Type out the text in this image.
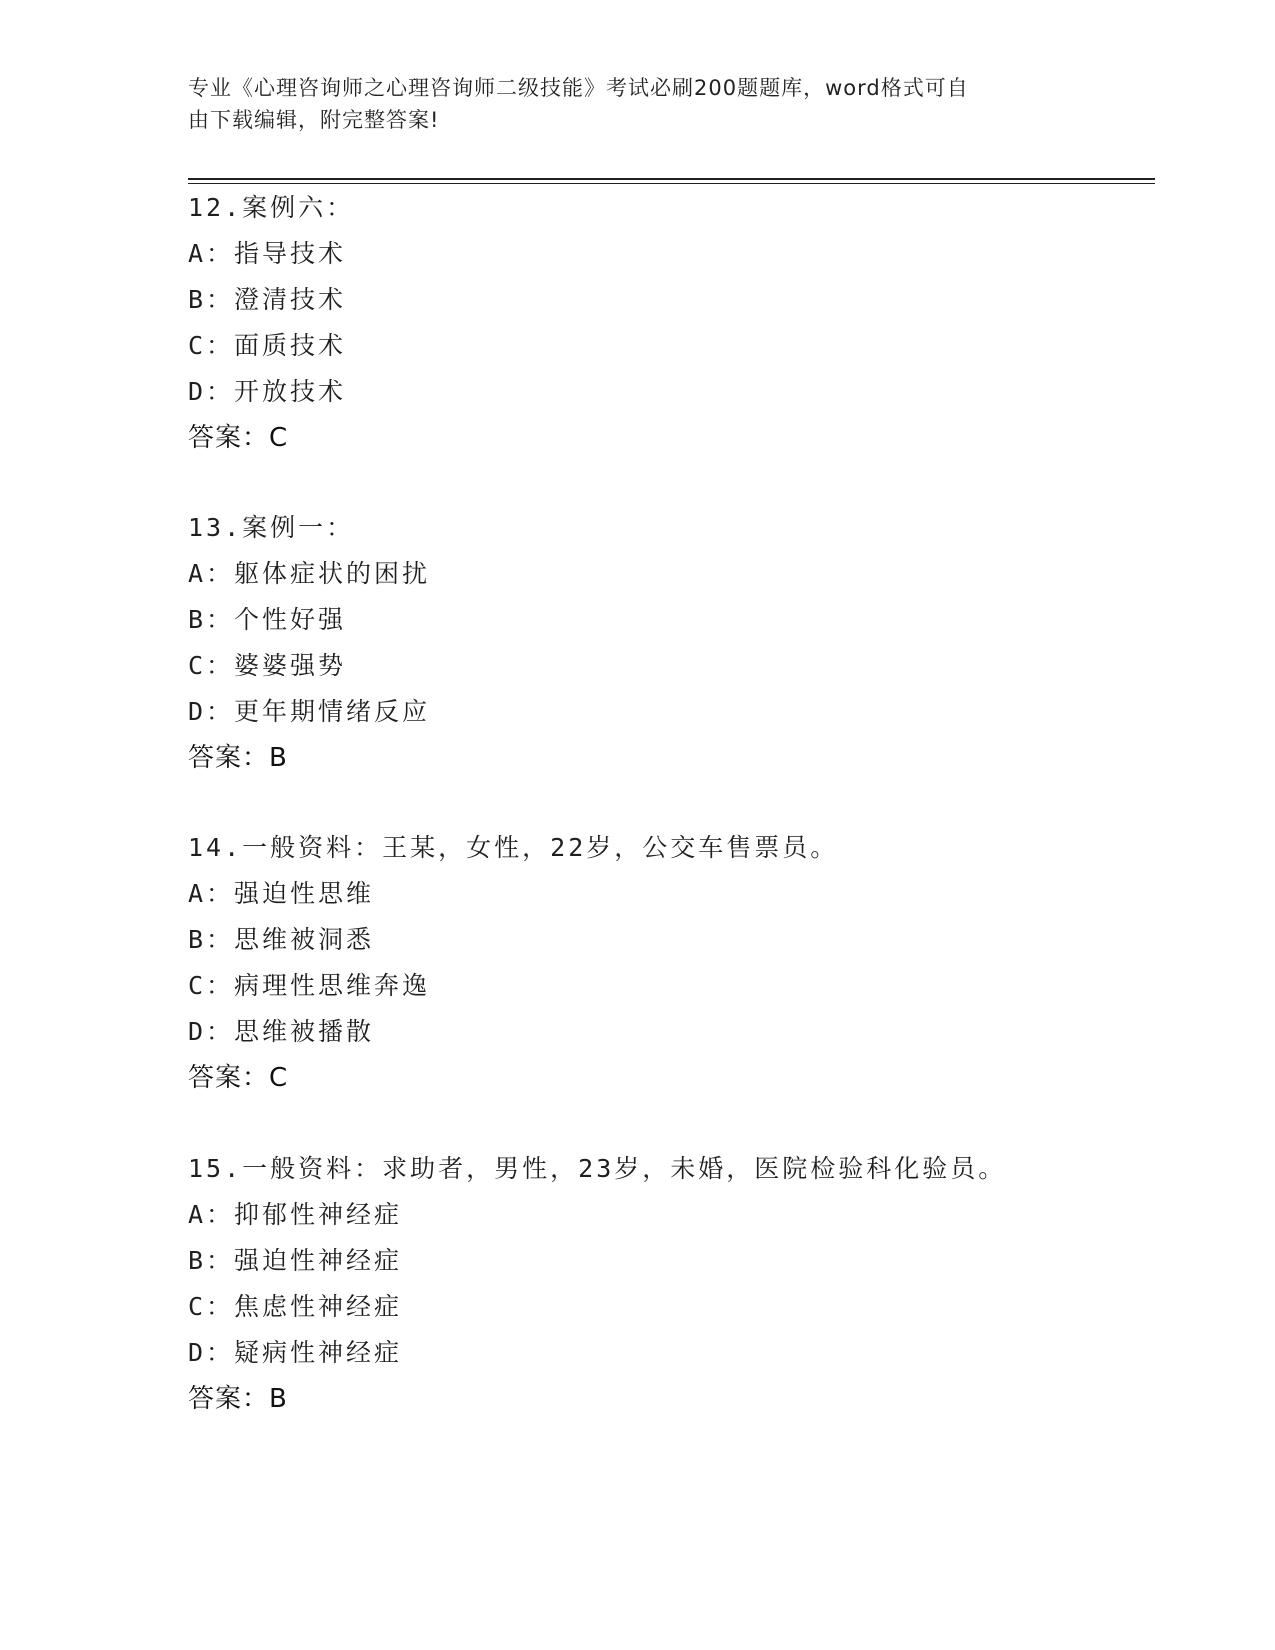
专业《心理咨询师之心理咨询师二级技能》考试必刷200题题库，word格式可自
由下载编辑，附完整答案!
12.案例六：
A：指导技术
B：澄清技术
C：面质技术
D：开放技术
答案：C
13.案例一：
A：躯体症状的困扰
B：个性好强
C：婆婆强势
D：更年期情绪反应
答案：B
14.一般资料：王某，女性，22岁，公交车售票员。
A：强迫性思维
B：思维被洞悉
C：病理性思维奔逸
D：思维被播散
答案：C
15.一般资料：求助者，男性，23岁，未婚，医院检验科化验员。
A：抑郁性神经症
B：强迫性神经症
C：焦虑性神经症
D：疑病性神经症
答案：B
